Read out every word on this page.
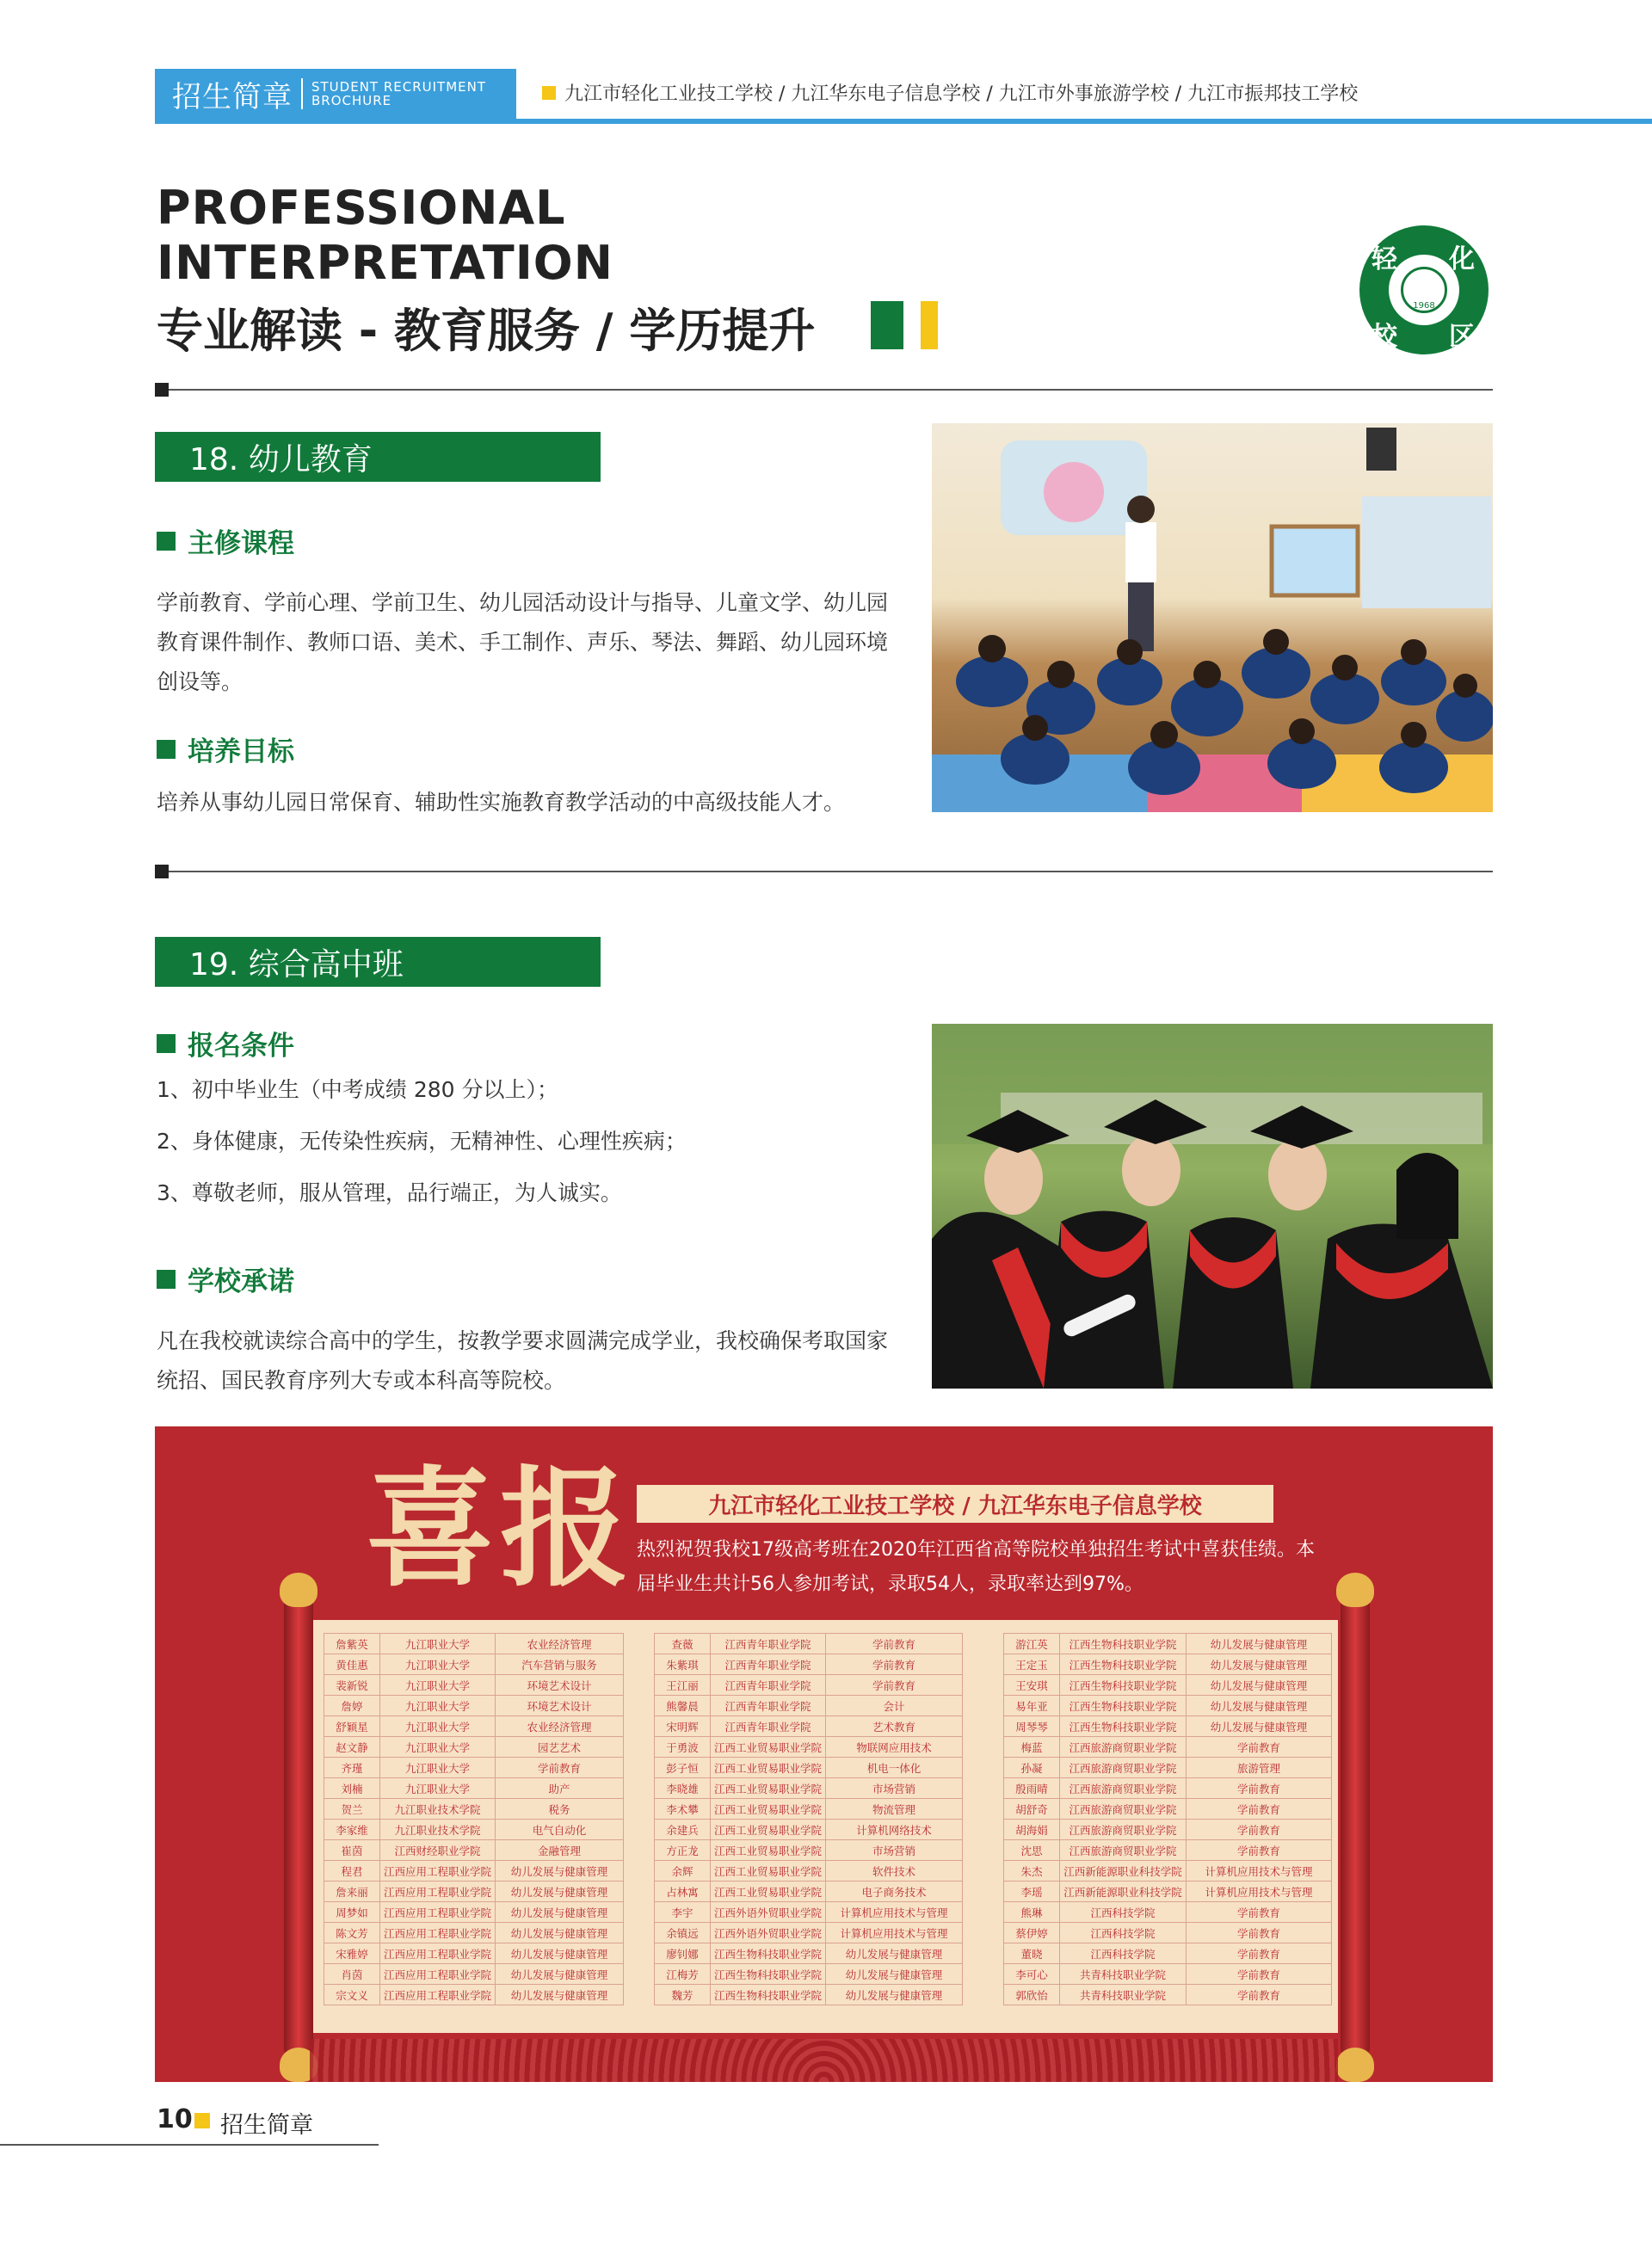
招生简章 STUDENT RECRUITMENT
BROCHURE	九江市轻化工业技工学校 / 九江华东电子信息学校 / 九江市外事旅游学校 / 九江市振邦技工学校
PROFESSIONAL
INTERPRETATION
专业解读 - 教育服务 / 学历提升
轻 化
校 区
1968
18. 幼儿教育
主修课程
学前教育、学前心理、学前卫生、幼儿园活动设计与指导、儿童文学、幼儿园教育课件制作、教师口语、美术、手工制作、声乐、琴法、舞蹈、幼儿园环境创设等。
培养目标
培养从事幼儿园日常保育、辅助性实施教育教学活动的中高级技能人才。
19. 综合高中班
报名条件
1、初中毕业生（中考成绩 280 分以上）；
2、身体健康，无传染性疾病，无精神性、心理性疾病；
3、尊敬老师，服从管理，品行端正，为人诚实。
学校承诺
凡在我校就读综合高中的学生，按教学要求圆满完成学业，我校确保考取国家统招、国民教育序列大专或本科高等院校。
喜报	九江市轻化工业技工学校 / 九江华东电子信息学校
热烈祝贺我校17级高考班在2020年江西省高等院校单独招生考试中喜获佳绩。本届毕业生共计56人参加考试，录取54人，录取率达到97%。
詹紫英	九江职业大学	农业经济管理
黄佳惠	九江职业大学	汽车营销与服务
裴新锐	九江职业大学	环境艺术设计
詹婷	九江职业大学	环境艺术设计
舒颖星	九江职业大学	农业经济管理
赵文静	九江职业大学	园艺艺术
齐瑾	九江职业大学	学前教育
刘楠	九江职业大学	助产
贺兰	九江职业技术学院	税务
李家维	九江职业技术学院	电气自动化
崔茵	江西财经职业学院	金融管理
程君	江西应用工程职业学院	幼儿发展与健康管理
詹来丽	江西应用工程职业学院	幼儿发展与健康管理
周梦如	江西应用工程职业学院	幼儿发展与健康管理
陈文芳	江西应用工程职业学院	幼儿发展与健康管理
宋雅婷	江西应用工程职业学院	幼儿发展与健康管理
肖茵	江西应用工程职业学院	幼儿发展与健康管理
宗文义	江西应用工程职业学院	幼儿发展与健康管理
查薇	江西青年职业学院	学前教育
朱紫琪	江西青年职业学院	学前教育
王江丽	江西青年职业学院	学前教育
熊馨晨	江西青年职业学院	会计
宋明辉	江西青年职业学院	艺术教育
于勇波	江西工业贸易职业学院	物联网应用技术
彭子恒	江西工业贸易职业学院	机电一体化
李晓雄	江西工业贸易职业学院	市场营销
李术攀	江西工业贸易职业学院	物流管理
余建兵	江西工业贸易职业学院	计算机网络技术
方正龙	江西工业贸易职业学院	市场营销
余辉	江西工业贸易职业学院	软件技术
占林寓	江西工业贸易职业学院	电子商务技术
李宇	江西外语外贸职业学院	计算机应用技术与管理
余镇远	江西外语外贸职业学院	计算机应用技术与管理
廖钊娜	江西生物科技职业学院	幼儿发展与健康管理
江梅芳	江西生物科技职业学院	幼儿发展与健康管理
魏芳	江西生物科技职业学院	幼儿发展与健康管理
游江英	江西生物科技职业学院	幼儿发展与健康管理
王定玉	江西生物科技职业学院	幼儿发展与健康管理
王安琪	江西生物科技职业学院	幼儿发展与健康管理
易年亚	江西生物科技职业学院	幼儿发展与健康管理
周琴琴	江西生物科技职业学院	幼儿发展与健康管理
梅蓝	江西旅游商贸职业学院	学前教育
孙凝	江西旅游商贸职业学院	旅游管理
殷雨晴	江西旅游商贸职业学院	学前教育
胡舒奇	江西旅游商贸职业学院	学前教育
胡海娟	江西旅游商贸职业学院	学前教育
沈思	江西旅游商贸职业学院	学前教育
朱杰	江西新能源职业科技学院	计算机应用技术与管理
李瑶	江西新能源职业科技学院	计算机应用技术与管理
熊琳	江西科技学院	学前教育
蔡伊婷	江西科技学院	学前教育
董晓	江西科技学院	学前教育
李可心	共青科技职业学院	学前教育
郭欣怡	共青科技职业学院	学前教育
10 招生简章
